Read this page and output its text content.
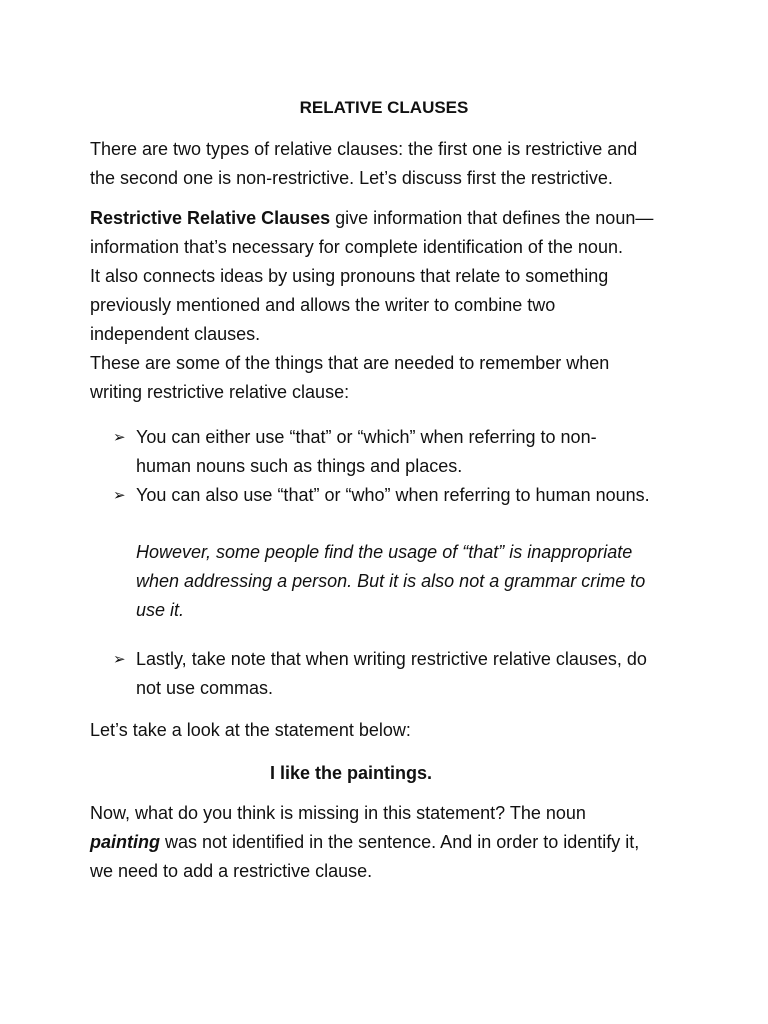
RELATIVE CLAUSES
There are two types of relative clauses: the first one is restrictive and
the second one is non-restrictive. Let’s discuss first the restrictive.
Restrictive Relative Clauses give information that defines the noun—
information that’s necessary for complete identification of the noun.
It also connects ideas by using pronouns that relate to something
previously mentioned and allows the writer to combine two
independent clauses.
These are some of the things that are needed to remember when
writing restrictive relative clause:
➢ You can either use “that” or “which” when referring to non-
human nouns such as things and places.
➢ You can also use “that” or “who” when referring to human nouns.
However, some people find the usage of “that” is inappropriate
when addressing a person. But it is also not a grammar crime to
use it.
➢ Lastly, take note that when writing restrictive relative clauses, do
not use commas.
Let’s take a look at the statement below:
I like the paintings.
Now, what do you think is missing in this statement? The noun
painting was not identified in the sentence. And in order to identify it,
we need to add a restrictive clause.
